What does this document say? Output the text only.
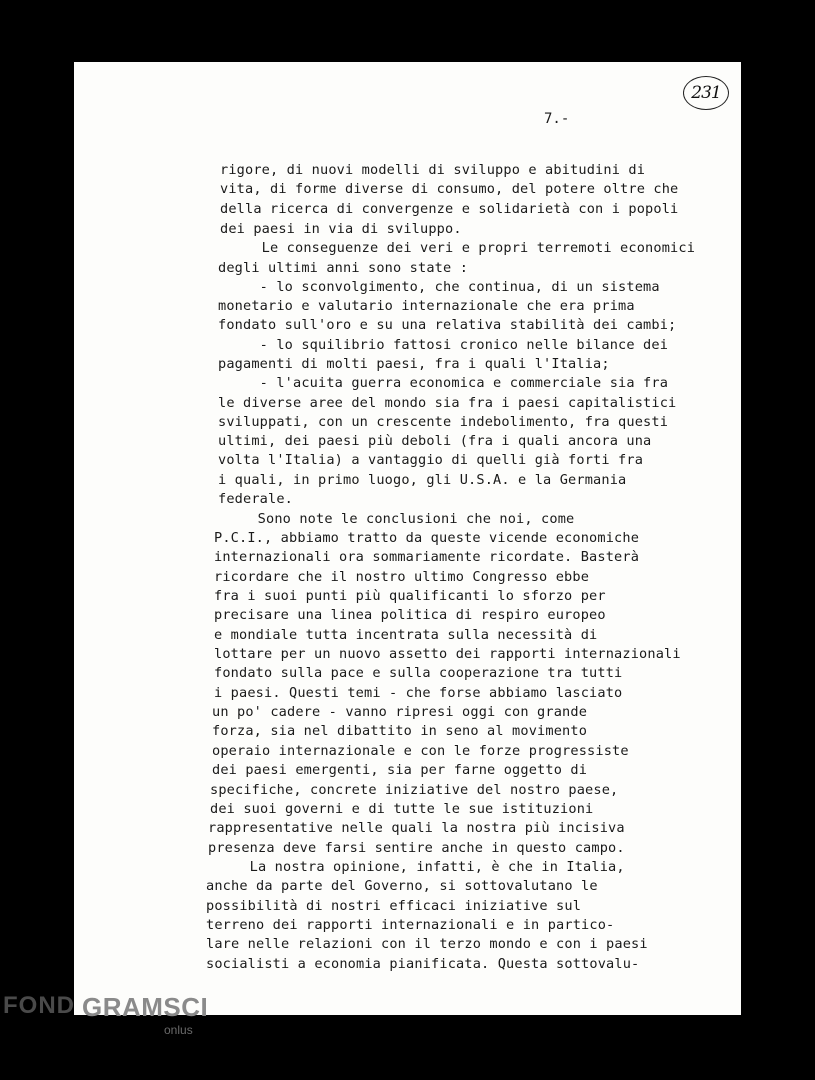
231
7.-
rigore, di nuovi modelli di sviluppo e abitudini di
vita, di forme diverse di consumo, del potere oltre che
della ricerca di convergenze e solidarietà con i popoli
dei paesi in via di sviluppo.
Le conseguenze dei veri e propri terremoti economici
degli ultimi anni sono state :
- lo sconvolgimento, che continua, di un sistema
monetario e valutario internazionale che era prima
fondato sull'oro e su una relativa stabilità dei cambi;
- lo squilibrio fattosi cronico nelle bilance dei
pagamenti di molti paesi, fra i quali l'Italia;
- l'acuita guerra economica e commerciale sia fra
le diverse aree del mondo sia fra i paesi capitalistici
sviluppati, con un crescente indebolimento, fra questi
ultimi, dei paesi più deboli (fra i quali ancora una
volta l'Italia) a vantaggio di quelli già forti fra
i quali, in primo luogo, gli U.S.A. e la Germania
federale.
Sono note le conclusioni che noi, come
P.C.I., abbiamo tratto da queste vicende economiche
internazionali ora sommariamente ricordate. Basterà
ricordare che il nostro ultimo Congresso ebbe
fra i suoi punti più qualificanti lo sforzo per
precisare una linea politica di respiro europeo
e mondiale tutta incentrata sulla necessità di
lottare per un nuovo assetto dei rapporti internazionali
fondato sulla pace e sulla cooperazione tra tutti
i paesi. Questi temi - che forse abbiamo lasciato
un po' cadere - vanno ripresi oggi con grande
forza, sia nel dibattito in seno al movimento
operaio internazionale e con le forze progressiste
dei paesi emergenti, sia per farne oggetto di
specifiche, concrete iniziative del nostro paese,
dei suoi governi e di tutte le sue istituzioni
rappresentative nelle quali la nostra più incisiva
presenza deve farsi sentire anche in questo campo.
La nostra opinione, infatti, è che in Italia,
anche da parte del Governo, si sottovalutano le
possibilità di nostri efficaci iniziative sul
terreno dei rapporti internazionali e in partico-
lare nelle relazioni con il terzo mondo e con i paesi
socialisti a economia pianificata. Questa sottovalu-
FOND GRAMSCI
onlus
